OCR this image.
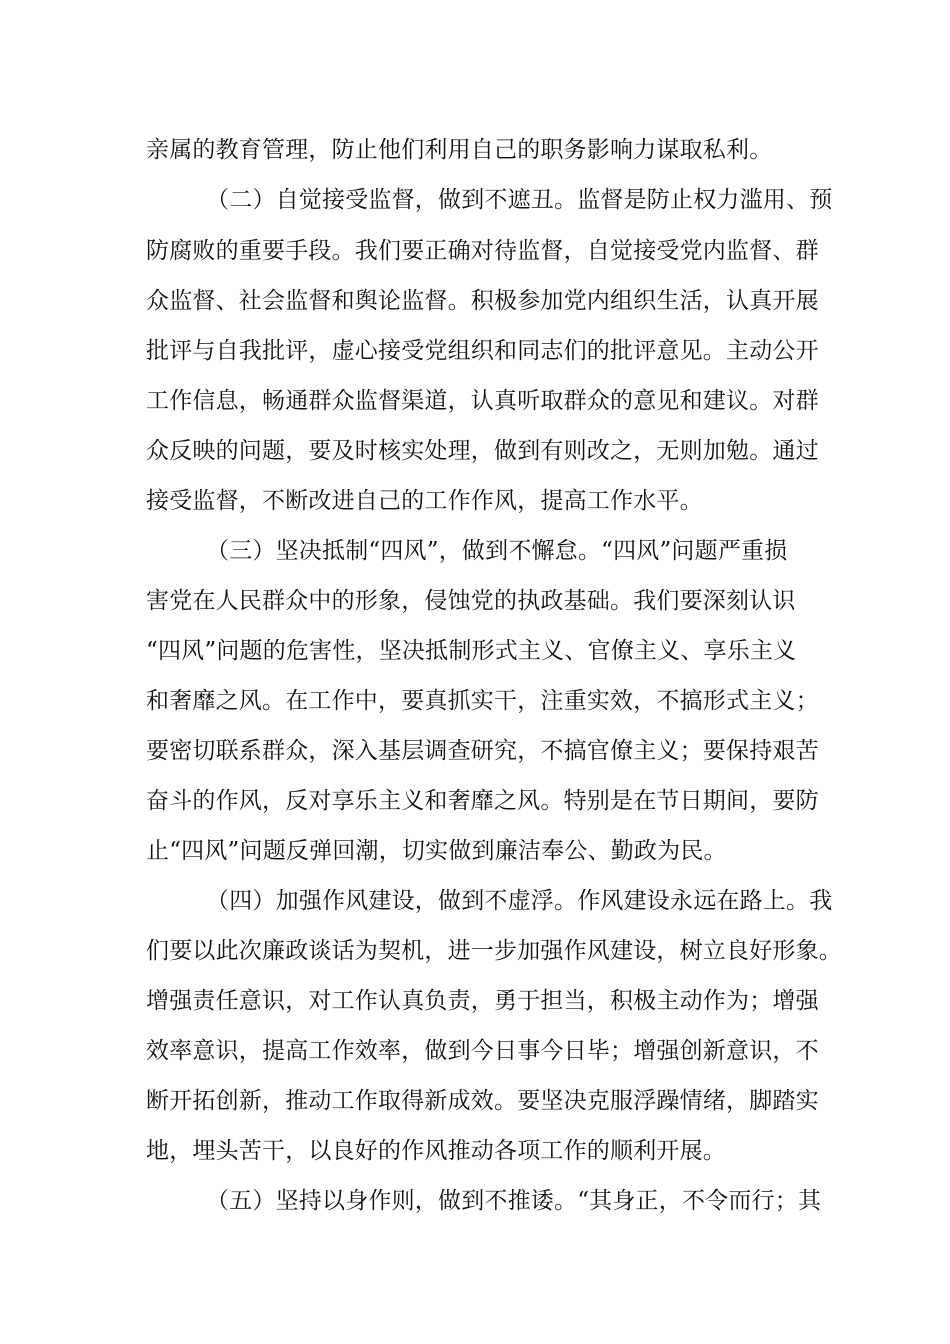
亲属的教育管理，防止他们利用自己的职务影响力谋取私利。
（二）自觉接受监督，做到不遮丑。监督是防止权力滥用、预
防腐败的重要手段。我们要正确对待监督，自觉接受党内监督、群
众监督、社会监督和舆论监督。积极参加党内组织生活，认真开展
批评与自我批评，虚心接受党组织和同志们的批评意见。主动公开
工作信息，畅通群众监督渠道，认真听取群众的意见和建议。对群
众反映的问题，要及时核实处理，做到有则改之，无则加勉。通过
接受监督，不断改进自己的工作作风，提高工作水平。
（三）坚决抵制“四风”，做到不懈怠。“四风”问题严重损
害党在人民群众中的形象，侵蚀党的执政基础。我们要深刻认识
“四风”问题的危害性，坚决抵制形式主义、官僚主义、享乐主义
和奢靡之风。在工作中，要真抓实干，注重实效，不搞形式主义；
要密切联系群众，深入基层调查研究，不搞官僚主义；要保持艰苦
奋斗的作风，反对享乐主义和奢靡之风。特别是在节日期间，要防
止“四风”问题反弹回潮，切实做到廉洁奉公、勤政为民。
（四）加强作风建设，做到不虚浮。作风建设永远在路上。我
们要以此次廉政谈话为契机，进一步加强作风建设，树立良好形象。
增强责任意识，对工作认真负责，勇于担当，积极主动作为；增强
效率意识，提高工作效率，做到今日事今日毕；增强创新意识，不
断开拓创新，推动工作取得新成效。要坚决克服浮躁情绪，脚踏实
地，埋头苦干，以良好的作风推动各项工作的顺利开展。
（五）坚持以身作则，做到不推诿。“其身正，不令而行；其
